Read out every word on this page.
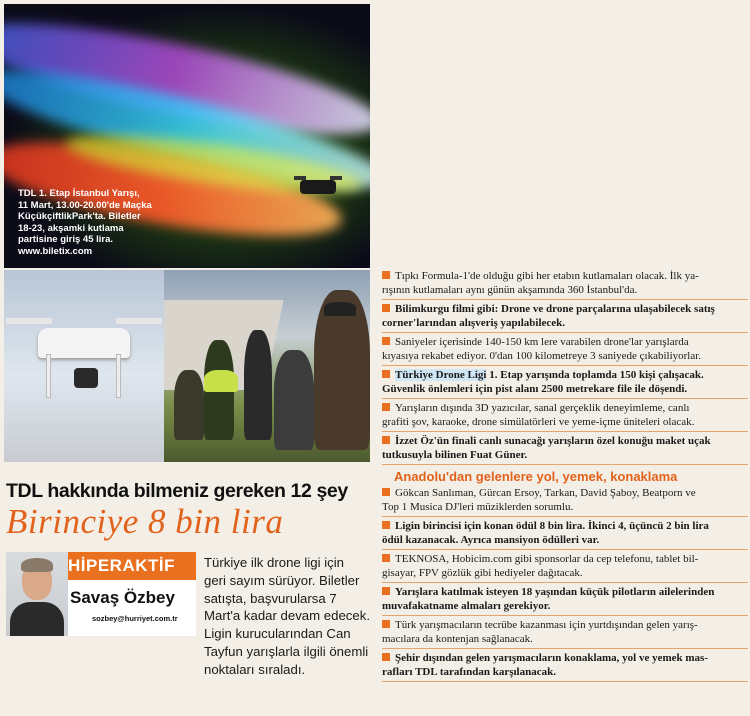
TDL 1. Etap İstanbul Yarışı,
11 Mart, 13.00-20.00'de Maçka
KüçükçiftlikPark'ta. Biletler
18-23, akşamki kutlama
partisine giriş 45 lira.
www.biletix.com
TDL hakkında bilmeniz gereken 12 şey
Birinciye 8 bin lira
HİPERAKTİF
Savaş Özbey
sozbey@hurriyet.com.tr
Türkiye ilk drone ligi için
geri sayım sürüyor. Biletler
satışta, başvurularsa 7
Mart'a kadar devam edecek.
Ligin kurucularından Can
Tayfun yarışlarla ilgili önemli
noktaları sıraladı.
Tıpkı Formula-1'de olduğu gibi her etabın kutlamaları olacak. İlk ya-
rışının kutlamaları aynı günün akşamında 360 İstanbul'da.
Bilimkurgu filmi gibi: Drone ve drone parçalarına ulaşabilecek satış
corner'larından alışveriş yapılabilecek.
Saniyeler içerisinde 140-150 km lere varabilen drone'lar yarışlarda
kıyasıya rekabet ediyor. 0'dan 100 kilometreye 3 saniyede çıkabiliyorlar.
Türkiye Drone Ligi 1. Etap yarışında toplamda 150 kişi çalışacak.
Güvenlik önlemleri için pist alanı 2500 metrekare file ile döşendi.
Yarışların dışında 3D yazıcılar, sanal gerçeklik deneyimleme, canlı
grafiti şov, karaoke, drone simülatörleri ve yeme-içme üniteleri olacak.
İzzet Öz'ün finali canlı sunacağı yarışların özel konuğu maket uçak
tutkusuyla bilinen Fuat Güner.
Anadolu'dan gelenlere yol, yemek, konaklama
Gökcan Sanlıman, Gürcan Ersoy, Tarkan, David Şaboy, Beatporn ve
Top 1 Musica DJ'leri müziklerden sorumlu.
Ligin birincisi için konan ödül 8 bin lira. İkinci 4, üçüncü 2 bin lira
ödül kazanacak. Ayrıca mansiyon ödülleri var.
TEKNOSA, Hobicim.com gibi sponsorlar da cep telefonu, tablet bil-
gisayar, FPV gözlük gibi hediyeler dağıtacak.
Yarışlara katılmak isteyen 18 yaşından küçük pilotların ailelerinden
muvafakatname almaları gerekiyor.
Türk yarışmacıların tecrübe kazanması için yurtdışından gelen yarış-
macılara da kontenjan sağlanacak.
Şehir dışından gelen yarışmacıların konaklama, yol ve yemek mas-
rafları TDL tarafından karşılanacak.
